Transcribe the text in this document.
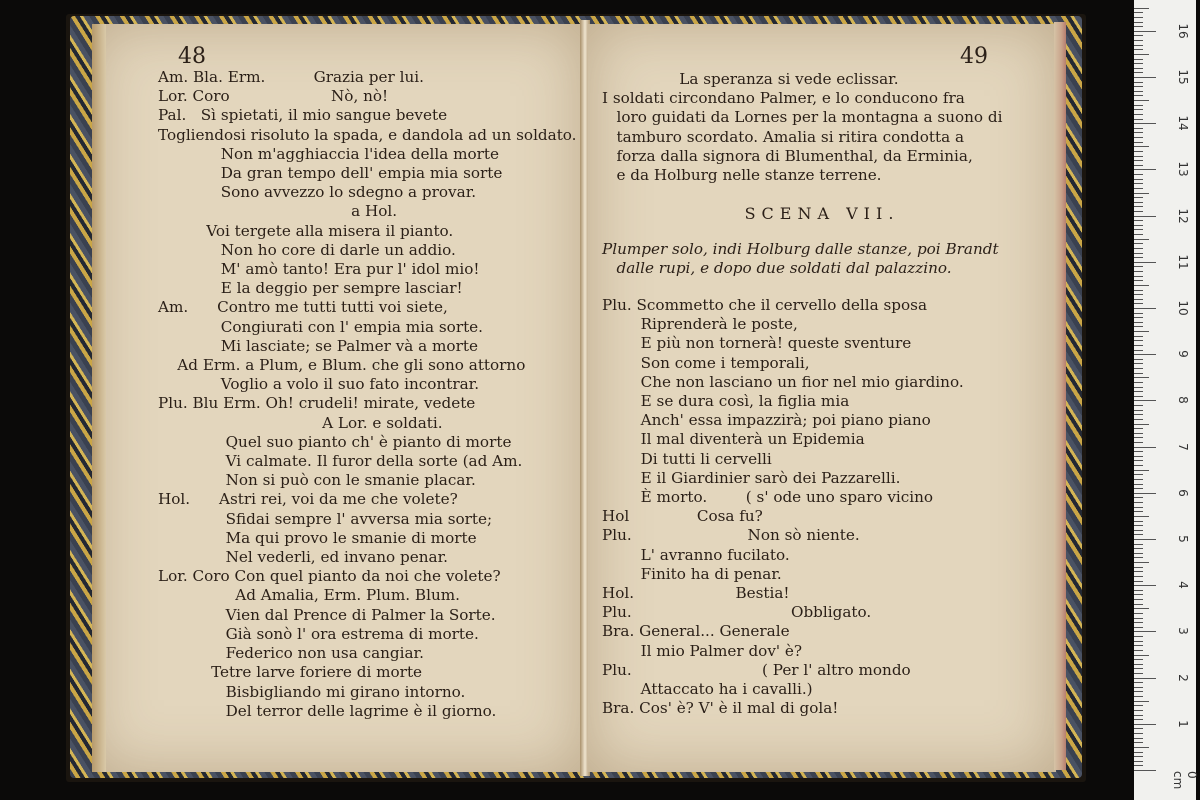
48
Am. Bla. Erm.          Grazia per lui.
Lor. Coro                     Nò, nò!
Pal.   Sì spietati, il mio sangue bevete
Togliendosi risoluto la spada, e dandola ad un soldato.
Non m'agghiaccia l'idea della morte
Da gran tempo dell' empia mia sorte
Sono avvezzo lo sdegno a provar.
a Hol.
Voi tergete alla misera il pianto.
Non ho core di darle un addio.
M' amò tanto! Era pur l' idol mio!
E la deggio per sempre lasciar!
Am.      Contro me tutti tutti voi siete,
Congiurati con l' empia mia sorte.
Mi lasciate; se Palmer và a morte
Ad Erm. a Plum, e Blum. che gli sono attorno
Voglio a volo il suo fato incontrar.
Plu. Blu Erm. Oh! crudeli! mirate, vedete
A Lor. e soldati.
Quel suo pianto ch' è pianto di morte
Vi calmate. Il furor della sorte (ad Am.
Non si può con le smanie placar.
Hol.      Astri rei, voi da me che volete?
Sfidai sempre l' avversa mia sorte;
Ma qui provo le smanie di morte
Nel vederli, ed invano penar.
Lor. Coro Con quel pianto da noi che volete?
Ad Amalia, Erm. Plum. Blum.
Vien dal Prence di Palmer la Sorte.
Già sonò l' ora estrema di morte.
Federico non usa cangiar.
Tetre larve foriere di morte
Bisbigliando mi girano intorno.
Del terror delle lagrime è il giorno.
49
La speranza si vede eclissar.
I soldati circondano Palmer, e lo conducono fra
loro guidati da Lornes per la montagna a suono di
tamburo scordato. Amalia si ritira condotta a
forza dalla signora di Blumenthal, da Erminia,
e da Holburg nelle stanze terrene.
SCENA VII.
Plumper solo, indi Holburg dalle stanze, poi Brandt
dalle rupi, e dopo due soldati dal palazzino.
Plu. Scommetto che il cervello della sposa
Riprenderà le poste,
E più non tornerà! queste sventure
Son come i temporali,
Che non lasciano un fior nel mio giardino.
E se dura così, la figlia mia
Anch' essa impazzirà; poi piano piano
Il mal diventerà un Epidemia
Di tutti li cervelli
E il Giardinier sarò dei Pazzarelli.
È morto.        ( s' ode uno sparo vicino
Hol              Cosa fu?
Plu.                        Non sò niente.
L' avranno fucilato.
Finito ha di penar.
Hol.                     Bestia!
Plu.                                 Obbligato.
Bra. General... Generale
Il mio Palmer dov' è?
Plu.                           ( Per l' altro mondo
Attaccato ha i cavalli.)
Bra. Cos' è? V' è il mal di gola!
0 cm
1
2
3
4
5
6
7
8
9
10
11
12
13
14
15
16
